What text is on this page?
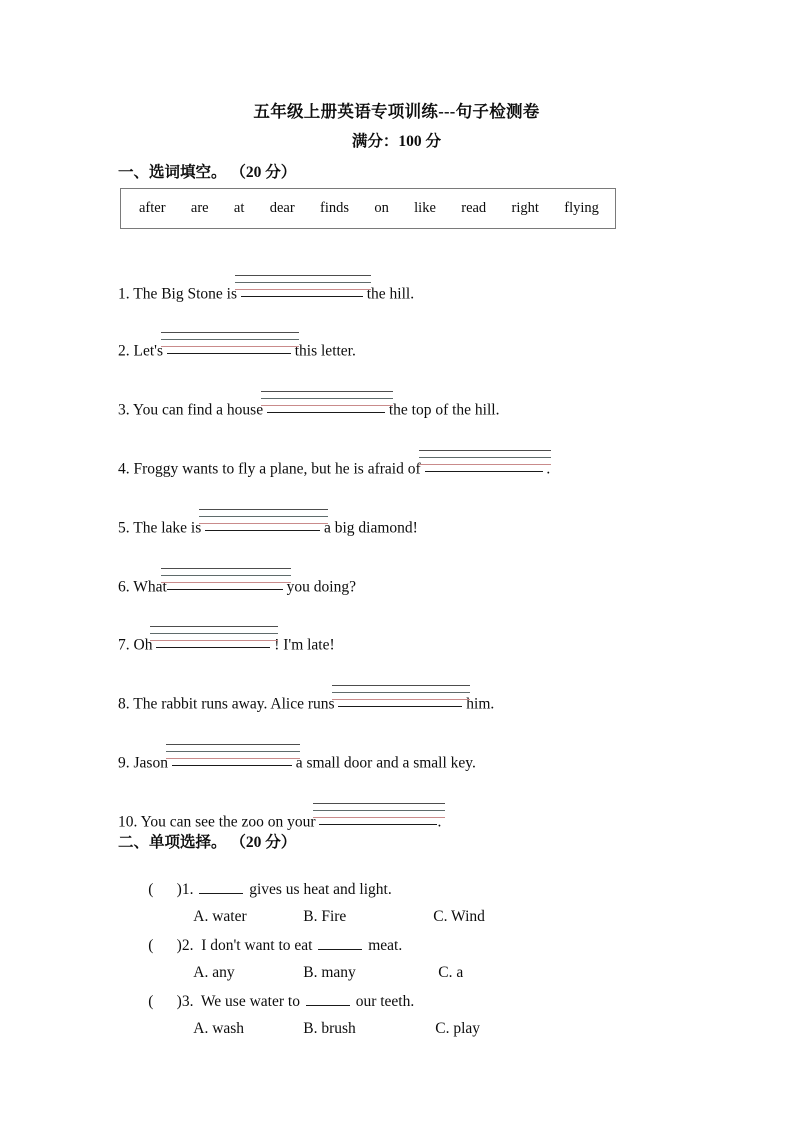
五年级上册英语专项训练---句子检测卷
满分：100 分
一、选词填空。 （20 分）
after are at dear finds on like read right flying
1. The Big Stone is	the hill.
2. Let's	this letter.
3. You can find a house	the top of the hill.
4. Froggy wants to fly a plane, but he is afraid of	.
5. The lake is	a big diamond!
6. What	you doing?
7. Oh	! I'm late!
8. The rabbit runs away. Alice runs	him.
9. Jason	a small door and a small key.
10. You can see the zoo on your	.
二、单项选择。 （20 分）

(      )1.	gives us heat and light.

A. water	B. Fire	C. Wind

(      )2.  I don't want to eat	meat.

A. any	B. many	C. a

(      )3.  We use water to	our teeth.

A. wash	B. brush	C. play
